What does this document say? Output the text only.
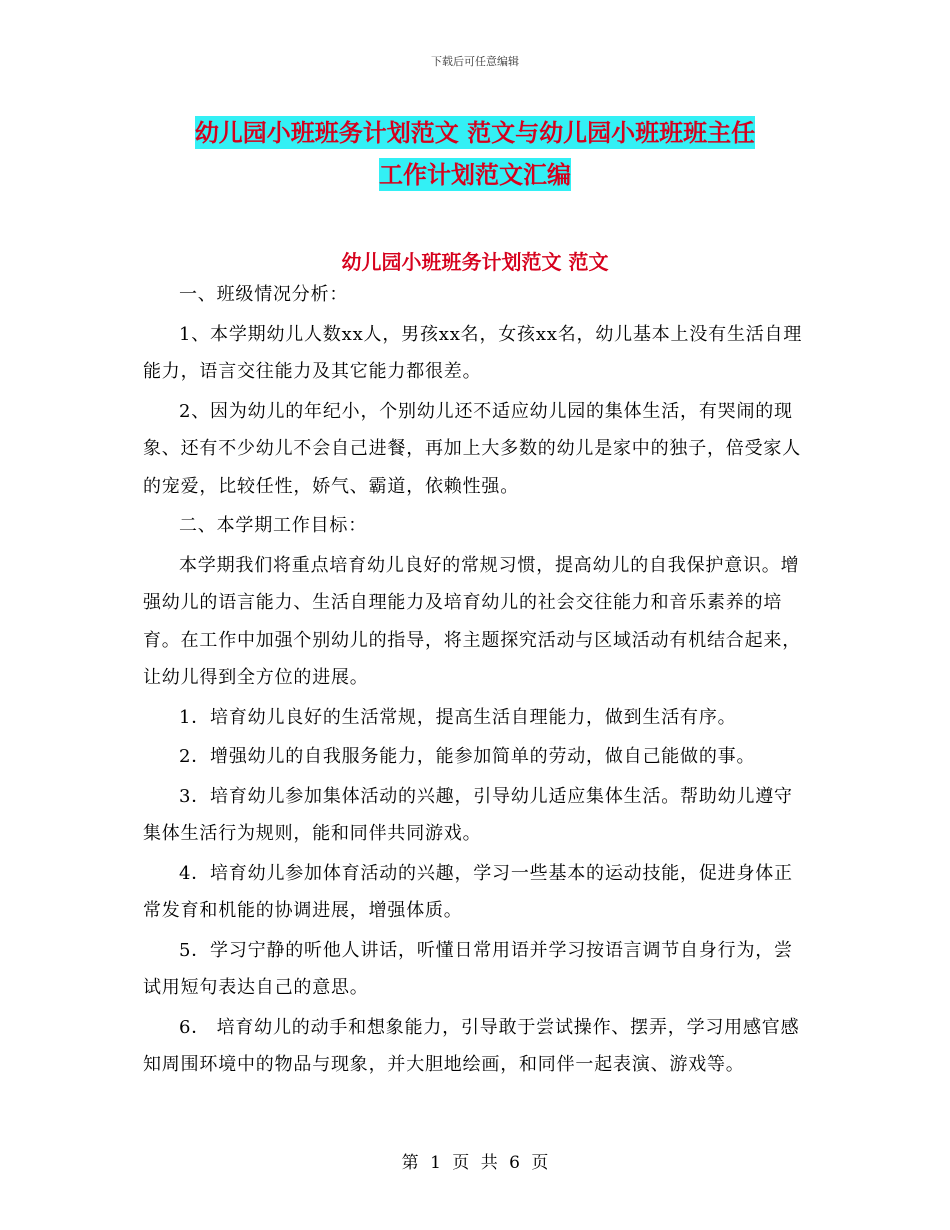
下载后可任意编辑
幼儿园小班班务计划范文 范文与幼儿园小班班班主任
工作计划范文汇编
幼儿园小班班务计划范文 范文

一、班级情况分析：

1、本学期幼儿人数xx人，男孩xx名，女孩xx名，幼儿基本上没有生活自理能力，语言交往能力及其它能力都很差。

2、因为幼儿的年纪小，个别幼儿还不适应幼儿园的集体生活，有哭闹的现象、还有不少幼儿不会自己进餐，再加上大多数的幼儿是家中的独子，倍受家人的宠爱，比较任性，娇气、霸道，依赖性强。

二、本学期工作目标：

本学期我们将重点培育幼儿良好的常规习惯，提高幼儿的自我保护意识。增强幼儿的语言能力、生活自理能力及培育幼儿的社会交往能力和音乐素养的培育。在工作中加强个别幼儿的指导，将主题探究活动与区域活动有机结合起来，让幼儿得到全方位的进展。

1．培育幼儿良好的生活常规，提高生活自理能力，做到生活有序。

2．增强幼儿的自我服务能力，能参加简单的劳动，做自己能做的事。

3．培育幼儿参加集体活动的兴趣，引导幼儿适应集体生活。帮助幼儿遵守集体生活行为规则，能和同伴共同游戏。

4．培育幼儿参加体育活动的兴趣，学习一些基本的运动技能，促进身体正常发育和机能的协调进展，增强体质。

5．学习宁静的听他人讲话，听懂日常用语并学习按语言调节自身行为，尝试用短句表达自己的意思。

6． 培育幼儿的动手和想象能力，引导敢于尝试操作、摆弄，学习用感官感知周围环境中的物品与现象，并大胆地绘画，和同伴一起表演、游戏等。

第 1 页 共 6 页
